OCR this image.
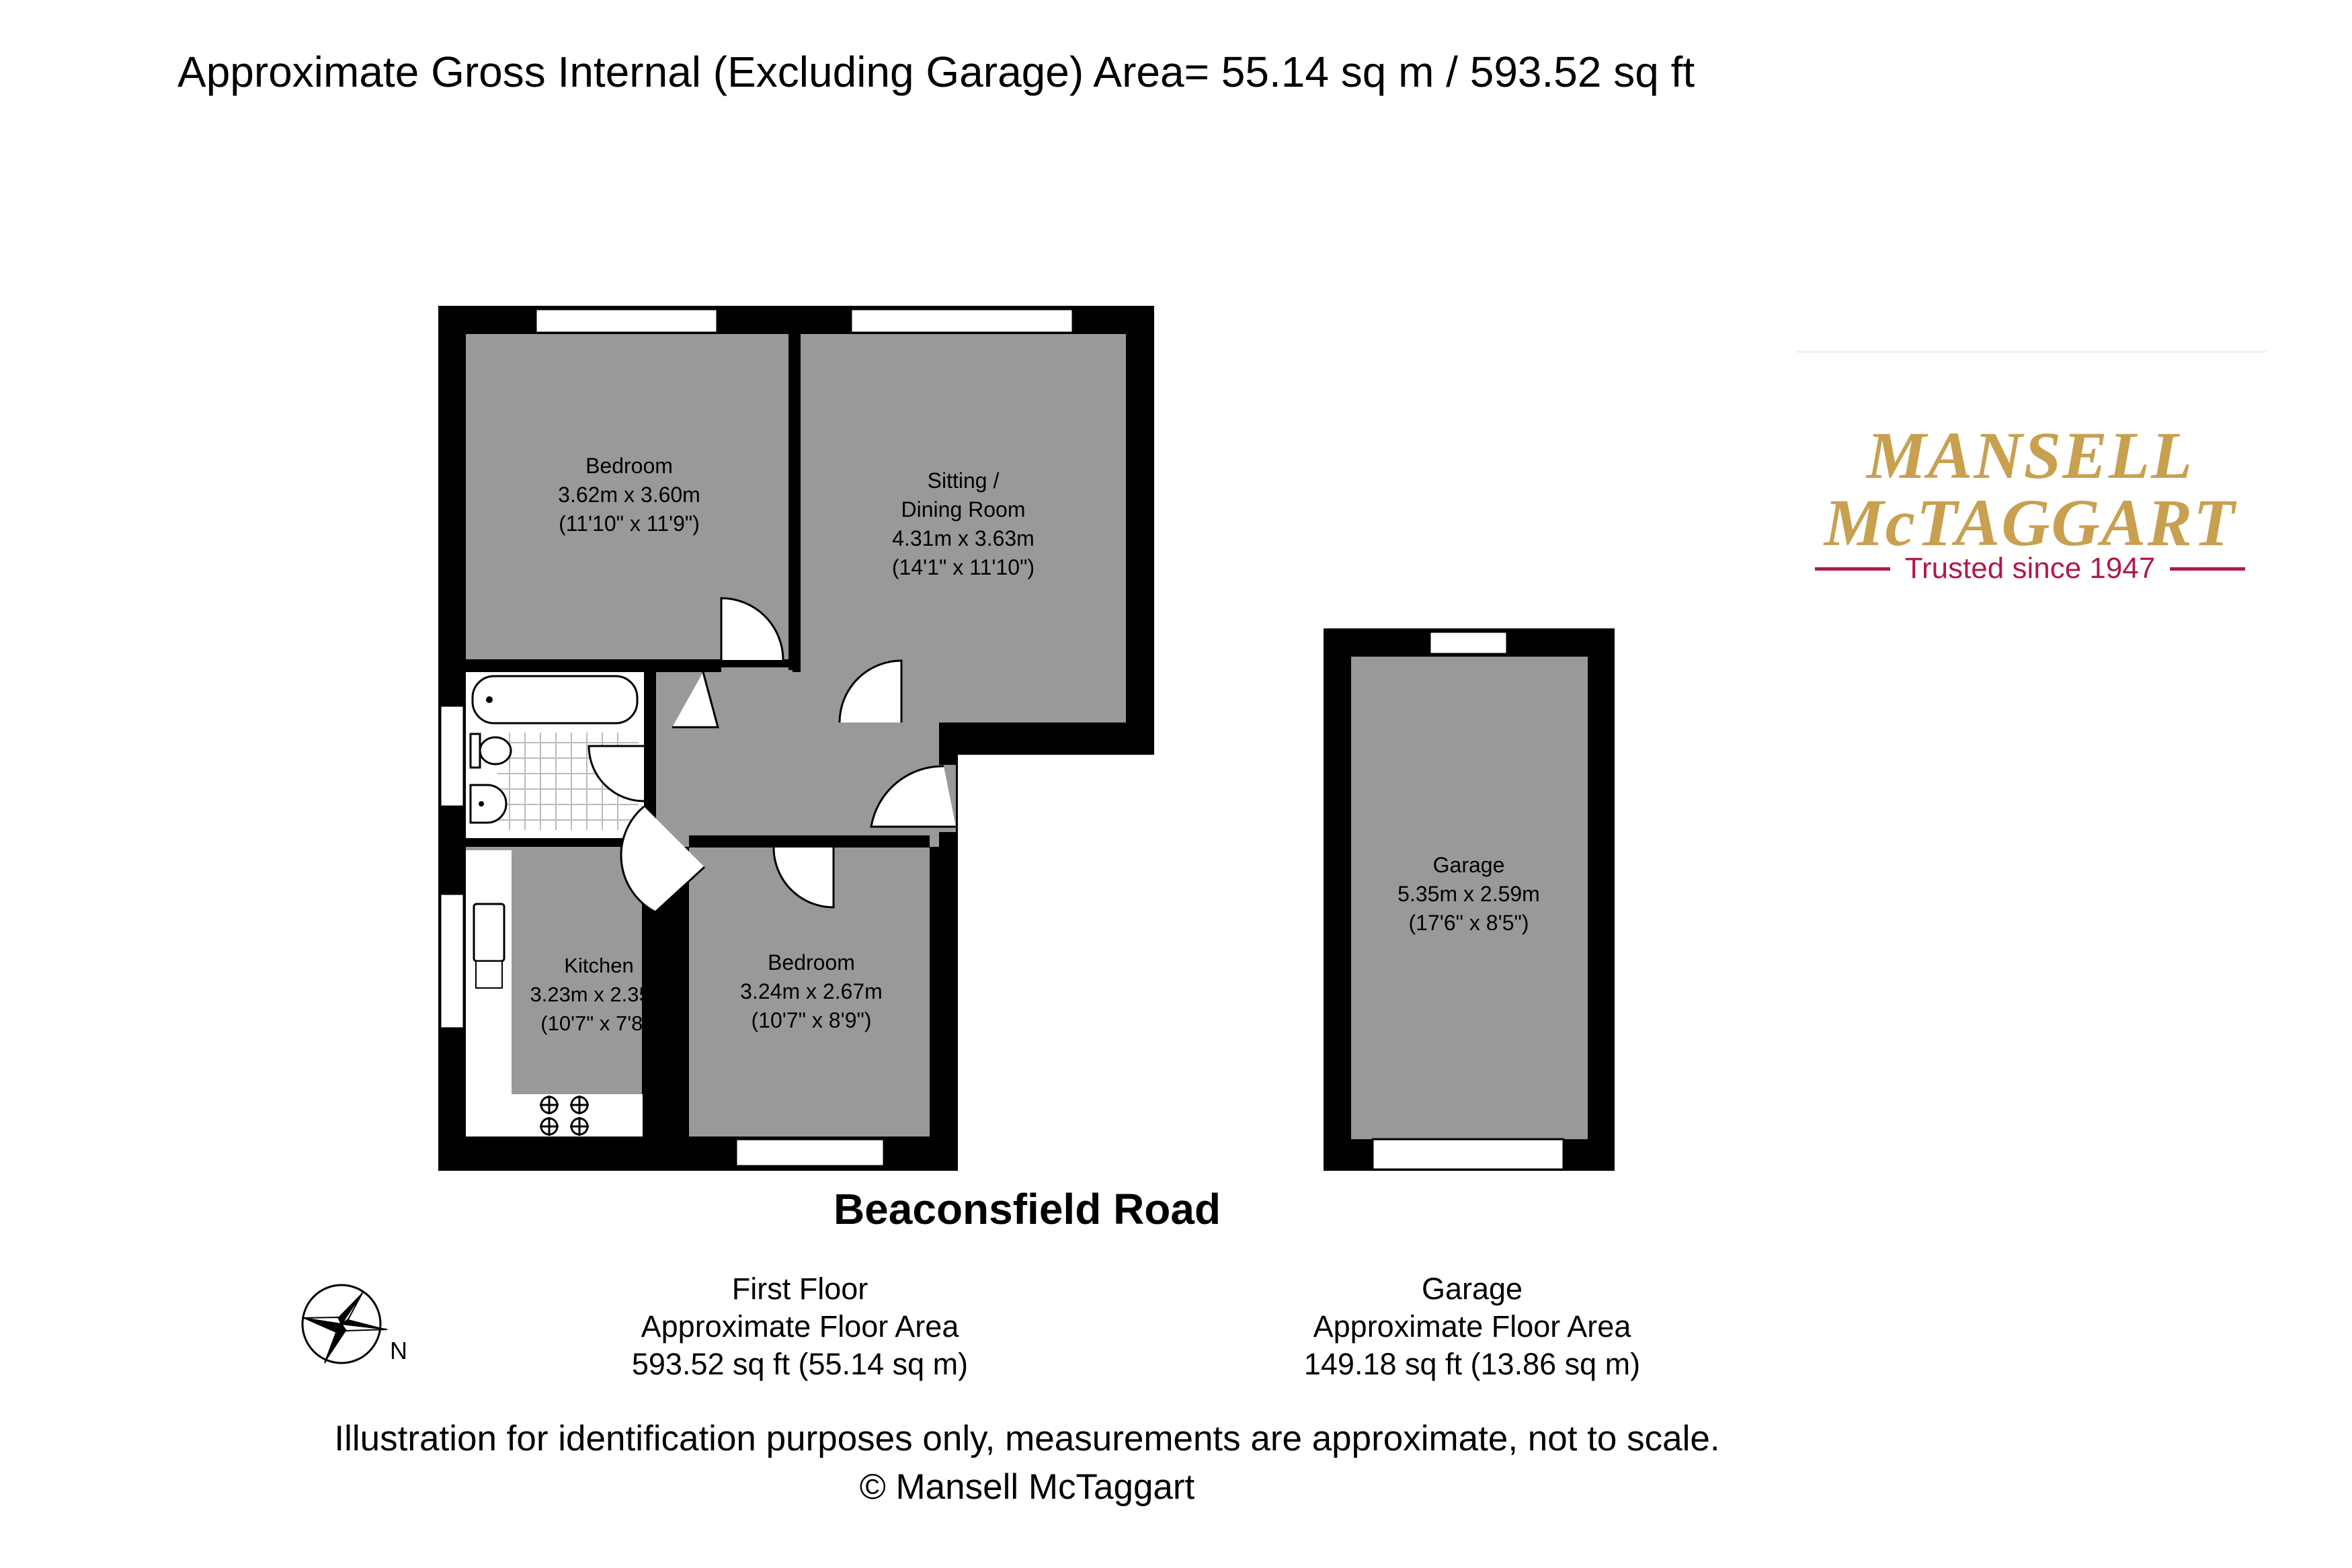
Approximate Gross Internal (Excluding Garage) Area= 55.14 sq m / 593.52 sq ft
Bedroom
3.62m x 3.60m
(11'10" x 11'9")
Sitting /
Dining Room
4.31m x 3.63m
(14'1" x 11'10")
Kitchen
3.23m x 2.35m
(10'7" x 7'8")
Bedroom
3.24m x 2.67m
(10'7" x 8'9")
Garage
5.35m x 2.59m
(17'6" x 8'5")
N
Beaconsfield Road
First Floor
Approximate Floor Area
593.52 sq ft (55.14 sq m)
Garage
Approximate Floor Area
149.18 sq ft (13.86 sq m)
Illustration for identification purposes only, measurements are approximate, not to scale.
© Mansell McTaggart
MANSELL
McTAGGART
Trusted since 1947
